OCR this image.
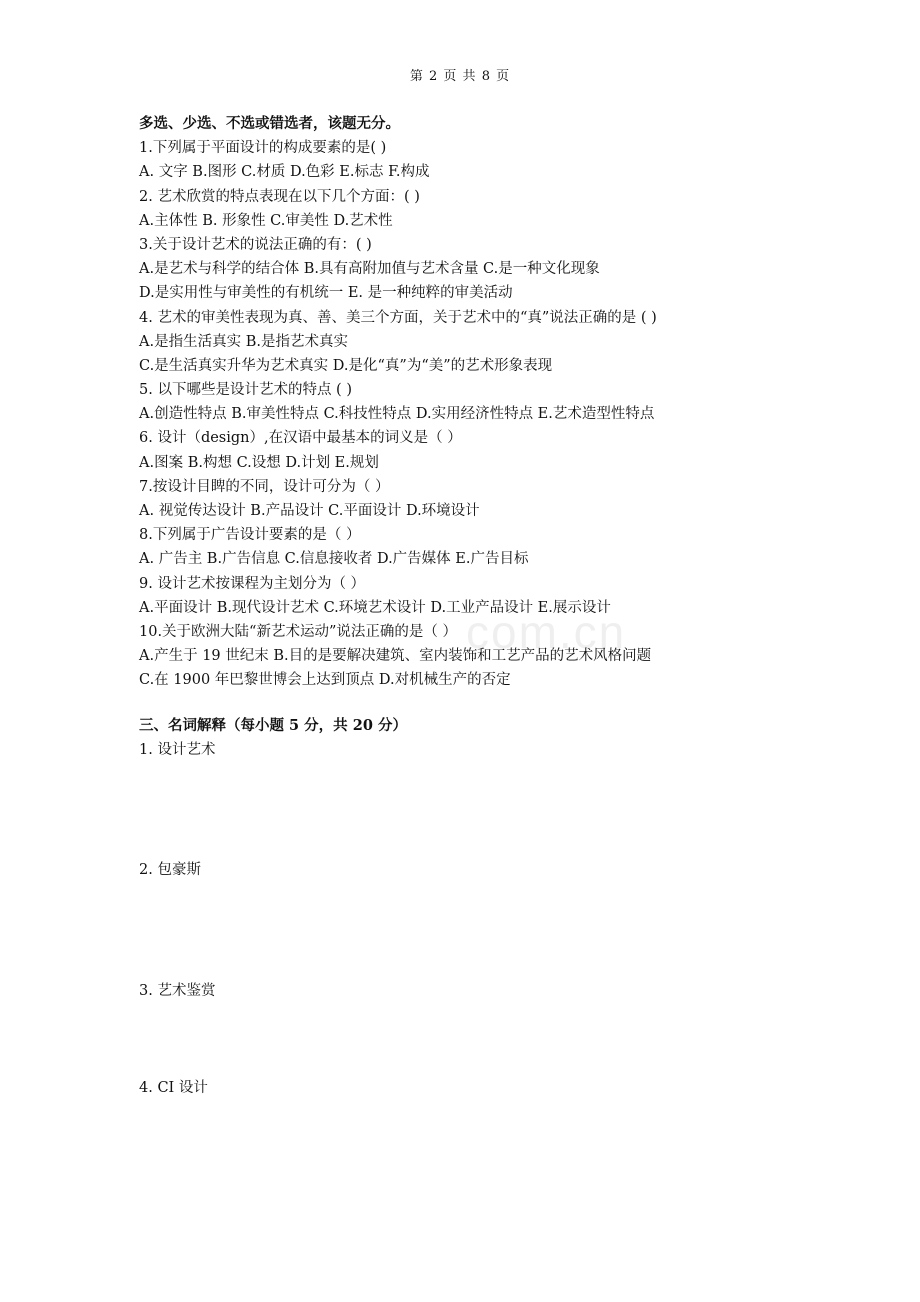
第 2 页 共 8 页
com.cn
多选、少选、不选或错选者，该题无分。
1.下列属于平面设计的构成要素的是( )
A. 文字 B.图形 C.材质 D.色彩 E.标志 F.构成
2. 艺术欣赏的特点表现在以下几个方面：( )
A.主体性 B. 形象性 C.审美性 D.艺术性
3.关于设计艺术的说法正确的有：( )
A.是艺术与科学的结合体 B.具有高附加值与艺术含量 C.是一种文化现象
D.是实用性与审美性的有机统一 E. 是一种纯粹的审美活动
4. 艺术的审美性表现为真、善、美三个方面，关于艺术中的“真”说法正确的是 ( )
A.是指生活真实 B.是指艺术真实
C.是生活真实升华为艺术真实 D.是化“真”为“美”的艺术形象表现
5. 以下哪些是设计艺术的特点 ( )
A.创造性特点 B.审美性特点 C.科技性特点 D.实用经济性特点 E.艺术造型性特点
6. 设计（design）,在汉语中最基本的词义是（ ）
A.图案 B.构想 C.设想 D.计划 E.规划
7.按设计目睥的不同，设计可分为（ ）
A. 视觉传达设计 B.产品设计 C.平面设计 D.环境设计
8.下列属于广告设计要素的是（ ）
A. 广告主 B.广告信息 C.信息接收者 D.广告媒体 E.广告目标
9. 设计艺术按课程为主划分为（ ）
A.平面设计 B.现代设计艺术 C.环境艺术设计 D.工业产品设计 E.展示设计
10.关于欧洲大陆“新艺术运动”说法正确的是（ ）
A.产生于 19 世纪末 B.目的是要解决建筑、室内装饰和工艺产品的艺术风格问题
C.在 1900 年巴黎世博会上达到顶点 D.对机械生产的否定
三、名词解释（每小题 5 分，共 20 分）
1. 设计艺术
2. 包豪斯
3. 艺术鉴赏
4. CI 设计
